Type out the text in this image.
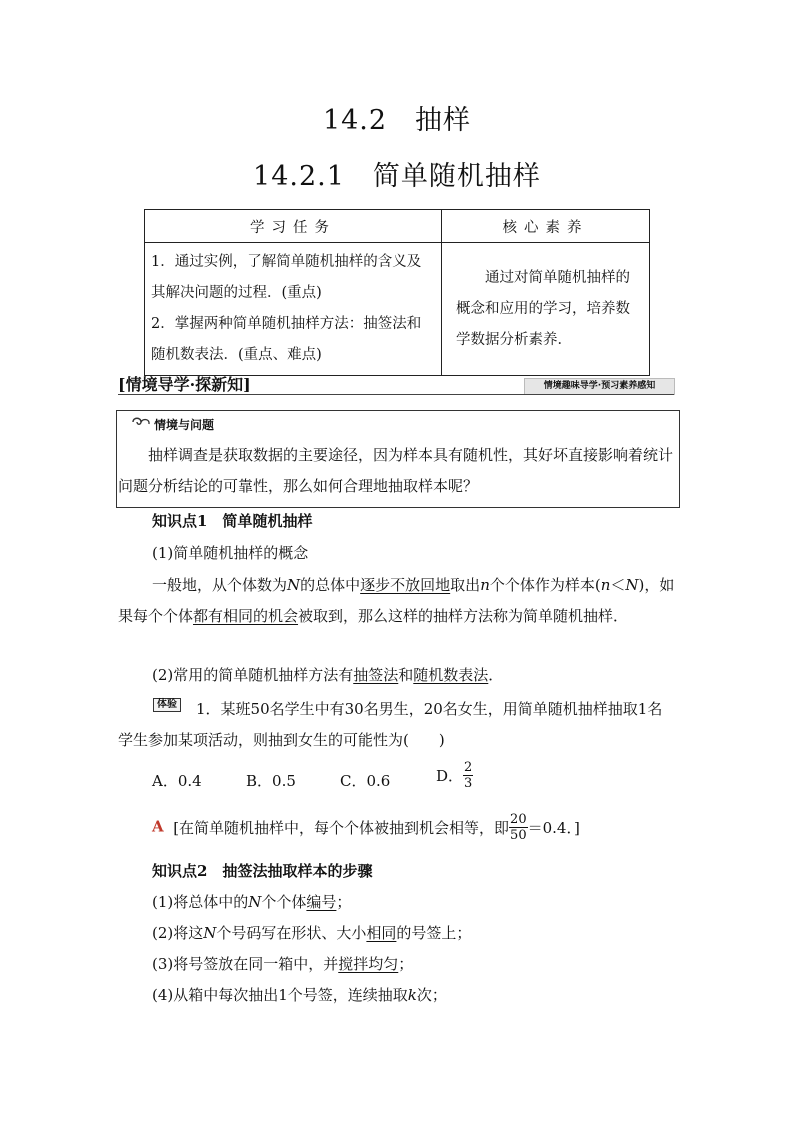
14.2　抽样
14.2.1　简单随机抽样
学习任务	核心素养

1．通过实例，了解简单随机抽样的含义及其解决问题的过程．(重点)
2．掌握两种简单随机抽样方法：抽签法和随机数表法．(重点、难点)	通过对简单随机抽样的概念和应用的学习，培养数学数据分析素养．
[情境导学·探新知]	情境趣味导学·预习素养感知
情境与问题
抽样调查是获取数据的主要途径，因为样本具有随机性，其好坏直接影响着统计问题分析结论的可靠性，那么如何合理地抽取样本呢？
知识点1　简单随机抽样
(1)简单随机抽样的概念
一般地，从个体数为N的总体中逐步不放回地取出n个个体作为样本(n＜N)，如果每个个体都有相同的机会被取到，那么这样的抽样方法称为简单随机抽样．
(2)常用的简单随机抽样方法有抽签法和随机数表法．
体验	1．某班50名学生中有30名男生，20名女生，用简单随机抽样抽取1名学生参加某项活动，则抽到女生的可能性为(　　)
A．0.4	B．0.5	C．0.6	D． $\frac{2}{3}$
A [在简单随机抽样中，每个个体被抽到机会相等，即 $\frac{20}{50} =0.4$．]
知识点2　抽签法抽取样本的步骤
(1)将总体中的N个个体编号；
(2)将这N个号码写在形状、大小相同的号签上；
(3)将号签放在同一箱中，并搅拌均匀；
(4)从箱中每次抽出1个号签，连续抽取k次；
